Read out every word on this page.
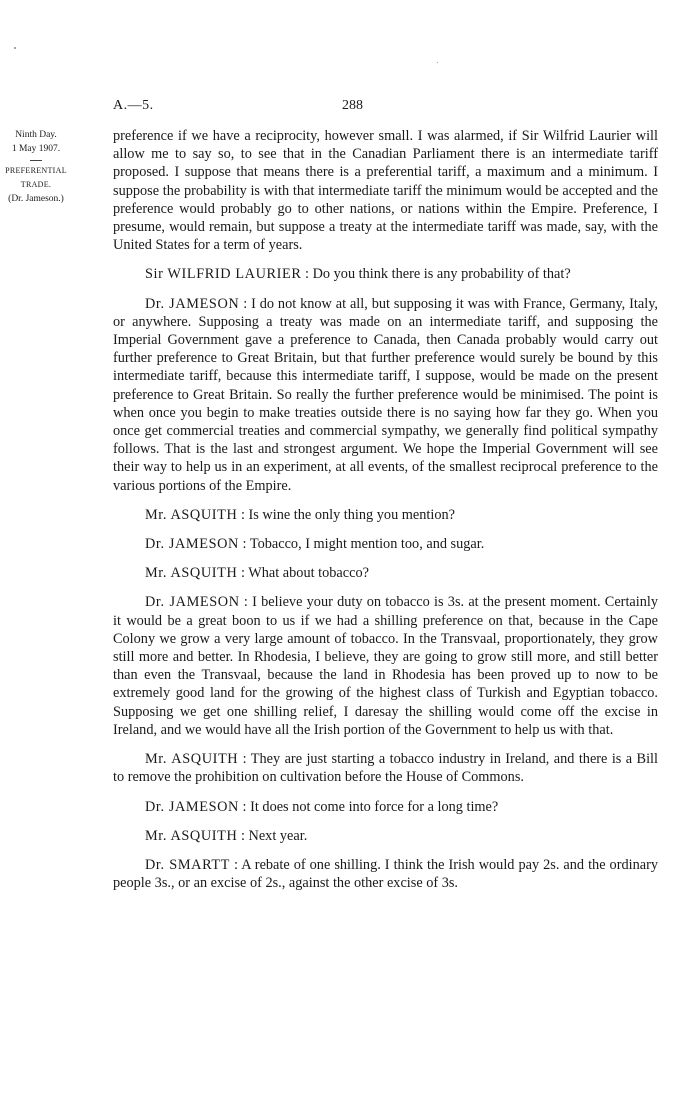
A.—5.	288
Ninth Day.
1 May 1907.
PREFERENTIAL
TRADE.
(Dr. Jameson.)

preference if we have a reciprocity, however small. I was alarmed, if Sir Wilfrid Laurier will allow me to say so, to see that in the Canadian Parliament there is an intermediate tariff proposed. I suppose that means there is a preferential tariff, a maximum and a minimum. I suppose the probability is with that intermediate tariff the minimum would be accepted and the preference would probably go to other nations, or nations within the Empire. Preference, I presume, would remain, but suppose a treaty at the intermediate tariff was made, say, with the United States for a term of years.

Sir WILFRID LAURIER : Do you think there is any probability of that?

Dr. JAMESON : I do not know at all, but supposing it was with France, Germany, Italy, or anywhere. Supposing a treaty was made on an intermediate tariff, and supposing the Imperial Government gave a preference to Canada, then Canada probably would carry out further preference to Great Britain, but that further preference would surely be bound by this intermediate tariff, because this intermediate tariff, I suppose, would be made on the present preference to Great Britain. So really the further preference would be minimised. The point is when once you begin to make treaties outside there is no saying how far they go. When you once get commercial treaties and commercial sympathy, we generally find political sympathy follows. That is the last and strongest argument. We hope the Imperial Government will see their way to help us in an experiment, at all events, of the smallest reciprocal preference to the various portions of the Empire.

Mr. ASQUITH : Is wine the only thing you mention?

Dr. JAMESON : Tobacco, I might mention too, and sugar.

Mr. ASQUITH : What about tobacco?

Dr. JAMESON : I believe your duty on tobacco is 3s. at the present moment. Certainly it would be a great boon to us if we had a shilling preference on that, because in the Cape Colony we grow a very large amount of tobacco. In the Transvaal, proportionately, they grow still more and better. In Rhodesia, I believe, they are going to grow still more, and still better than even the Transvaal, because the land in Rhodesia has been proved up to now to be extremely good land for the growing of the highest class of Turkish and Egyptian tobacco. Supposing we get one shilling relief, I daresay the shilling would come off the excise in Ireland, and we would have all the Irish portion of the Government to help us with that.

Mr. ASQUITH : They are just starting a tobacco industry in Ireland, and there is a Bill to remove the prohibition on cultivation before the House of Commons.

Dr. JAMESON : It does not come into force for a long time?

Mr. ASQUITH : Next year.

Dr. SMARTT : A rebate of one shilling. I think the Irish would pay 2s. and the ordinary people 3s., or an excise of 2s., against the other excise of 3s.
